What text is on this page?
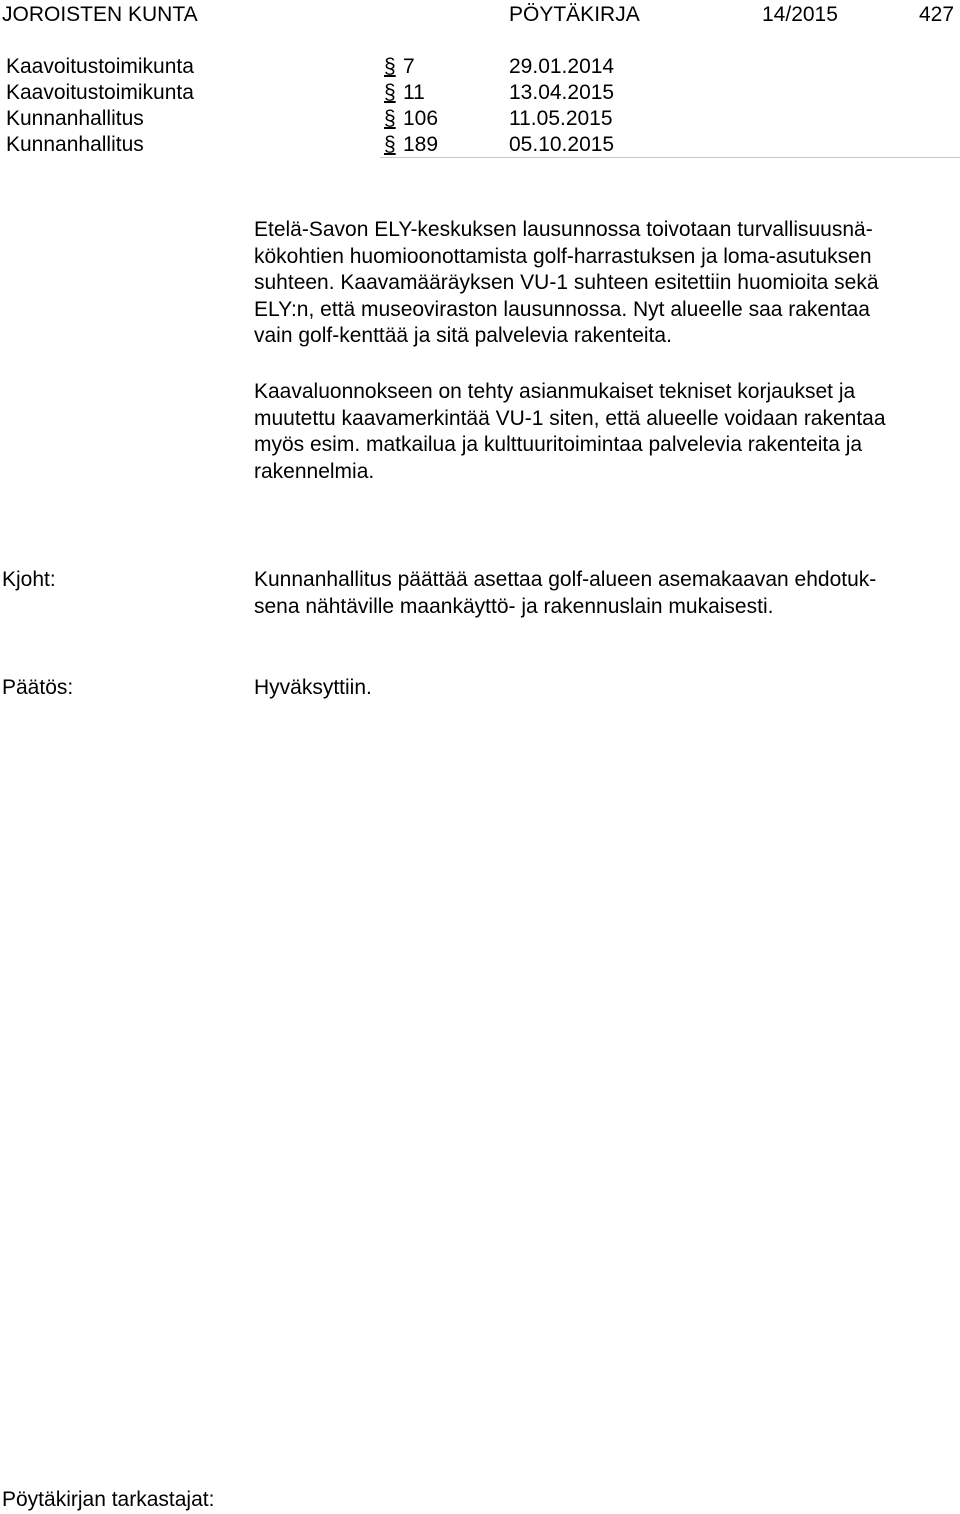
JOROISTEN KUNTA	PÖYTÄKIRJA	14/2015	427
Kaavoitustoimikunta	§ 7	29.01.2014
Kaavoitustoimikunta	§ 11	13.04.2015
Kunnanhallitus	§ 106	11.05.2015
Kunnanhallitus	§ 189	05.10.2015
Etelä-Savon ELY-keskuksen lausunnossa toivotaan turvallisuusnä-
kökohtien huomioonottamista golf-harrastuksen ja loma-asutuksen
suhteen. Kaavamääräyksen VU-1 suhteen esitettiin huomioita sekä
ELY:n, että museoviraston lausunnossa. Nyt alueelle saa rakentaa
vain golf-kenttää ja sitä palvelevia rakenteita.
Kaavaluonnokseen on tehty asianmukaiset tekniset korjaukset ja
muutettu kaavamerkintää VU-1 siten, että alueelle voidaan rakentaa
myös esim. matkailua ja kulttuuritoimintaa palvelevia rakenteita ja
rakennelmia.
Kjoht:	Kunnanhallitus päättää asettaa golf-alueen asemakaavan ehdotuk-
sena nähtäville maankäyttö- ja rakennuslain mukaisesti.
Päätös:	Hyväksyttiin.
Pöytäkirjan tarkastajat:
